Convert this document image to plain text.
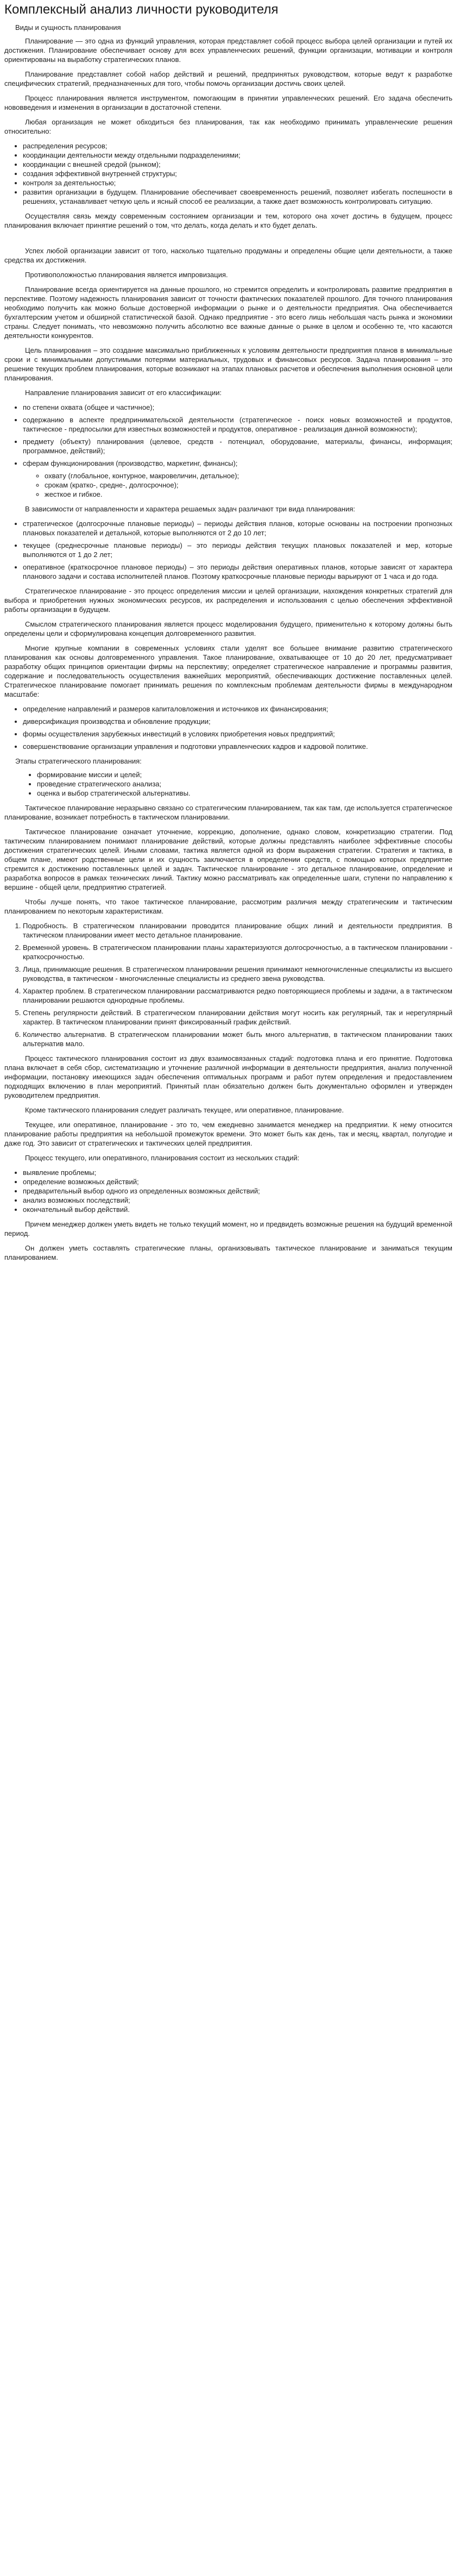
Комплексный анализ личности руководителя
Виды и сущность планирования

Планирование — это одна из функций управления, которая представляет собой процесс выбора целей организации и путей их достижения. Планирование обеспечивает основу для всех управленческих решений, функции организации, мотивации и контроля ориентированы на выработку стратегических планов.

Планирование представляет собой набор действий и решений, предпринятых руководством, которые ведут к разработке специфических стратегий, предназначенных для того, чтобы помочь организации достичь своих целей.

Процесс планирования является инструментом, помогающим в принятии управленческих решений. Его задача обеспечить нововведения и изменения в организации в достаточной степени.

Любая организация не может обходиться без планирования, так как необходимо принимать управленческие решения относительно:

• распределения ресурсов;
• координации деятельности между отдельными подразделениями;
• координации с внешней средой (рынком);
• создания эффективной внутренней структуры;
• контроля за деятельностью;
• развития организации в будущем. Планирование обеспечивает своевременность решений, позволяет избегать поспешности в решениях, устанавливает четкую цель и ясный способ ее реализации, а также дает возможность контролировать ситуацию.

Осуществляя связь между современным состоянием организации и тем, которого она хочет достичь в будущем, процесс планирования включает принятие решений о том, что делать, когда делать и кто будет делать.

Успех любой организации зависит от того, насколько тщательно продуманы и определены общие цели деятельности, а также средства их достижения.

Противоположностью планирования является импровизация.

Планирование всегда ориентируется на данные прошлого, но стремится определить и контролировать развитие предприятия в перспективе. Поэтому надежность планирования зависит от точности фактических показателей прошлого. Для точного планирования необходимо получить как можно больше достоверной информации о рынке и о деятельности предприятия. Она обеспечивается бухгалтерским учетом и обширной статистической базой. Однако предприятие - это всего лишь небольшая часть рынка и экономики страны. Следует понимать, что невозможно получить абсолютно все важные данные о рынке в целом и особенно те, что касаются деятельности конкурентов.

Цель планирования – это создание максимально приближенных к условиям деятельности предприятия планов в минимальные сроки и с минимальными допустимыми потерями материальных, трудовых и финансовых ресурсов. Задача планирования – это решение текущих проблем планирования, которые возникают на этапах плановых расчетов и обеспечения выполнения основной цели планирования.

Направление планирования зависит от его классификации:

• по степени охвата (общее и частичное);
• содержанию в аспекте предпринимательской деятельности (стратегическое - поиск новых возможностей и продуктов, тактическое - предпосылки для известных возможностей и продуктов, оперативное - реализация данной возможности);
• предмету (объекту) планирования (целевое, средств - потенциал, оборудование, материалы, финансы, информация; программное, действий);
• сферам функционирования (производство, маркетинг, финансы);
◦ охвату (глобальное, контурное, макровеличин, детальное);
◦ срокам (кратко-, средне-, долгосрочное);
◦ жесткое и гибкое.

В зависимости от направленности и характера решаемых задач различают три вида планирования:

• стратегическое (долгосрочные плановые периоды) – периоды действия планов, которые основаны на построении прогнозных плановых показателей и детальной, которые выполняются от 2 до 10 лет;
• текущее (среднесрочные плановые периоды) – это периоды действия текущих плановых показателей и мер, которые выполняются от 1 до 2 лет;
• оперативное (краткосрочное плановое периоды) – это периоды действия оперативных планов, которые зависят от характера планового задачи и состава исполнителей планов. Поэтому краткосрочные плановые периоды варьируют от 1 часа и до года.

Стратегическое планирование - это процесс определения миссии и целей организации, нахождения конкретных стратегий для выбора и приобретения нужных экономических ресурсов, их распределения и использования с целью обеспечения эффективной работы организации в будущем.

Смыслом стратегического планирования является процесс моделирования будущего, применительно к которому должны быть определены цели и сформулирована концепция долговременного развития.

Многие крупные компании в современных условиях стали уделят все большее внимание развитию стратегического планирования как основы долговременного управления. Такое планирование, охватывающее от 10 до 20 лет, предусматривает разработку общих принципов ориентации фирмы на перспективу; определяет стратегическое направление и программы развития, содержание и последовательность осуществления важнейших мероприятий, обеспечивающих достижение поставленных целей. Стратегическое планирование помогает принимать решения по комплексным проблемам деятельности фирмы в международном масштабе:

• определение направлений и размеров капиталовложения и источников их финансирования;
• диверсификация производства и обновление продукции;
• формы осуществления зарубежных инвестиций в условиях приобретения новых предприятий;
• совершенствование организации управления и подготовки управленческих кадров и кадровой политике.
Этапы стратегического планирования:
• формирование миссии и целей;
• проведение стратегического анализа;
• оценка и выбор стратегической альтернативы.

Тактическое планирование неразрывно связано со стратегическим планированием, так как там, где используется стратегическое планирование, возникает потребность в тактическом планировании.

Тактическое планирование означает уточнение, коррекцию, дополнение, однако словом, конкретизацию стратегии. Под тактическим планированием понимают планирование действий, которые должны представлять наиболее эффективные способы достижения стратегических целей. Иными словами, тактика является одной из форм выражения стратегии. Стратегия и тактика, в общем плане, имеют родственные цели и их сущность заключается в определении средств, с помощью которых предприятие стремится к достижению поставленных целей и задач. Тактическое планирование - это детальное планирование, определение и разработка вопросов в рамках технических линий. Тактику можно рассматривать как определенные шаги, ступени по направлению к вершине - общей цели, предприятию стратегией.

Чтобы лучше понять, что такое тактическое планирование, рассмотрим различия между стратегическим и тактическим планированием по некоторым характеристикам.

1. Подробность. В стратегическом планировании проводится планирование общих линий и деятельности предприятия. В тактическом планировании имеет место детальное планирование.
2. Временной уровень. В стратегическом планировании планы характеризуются долгосрочностью, а в тактическом планировании - краткосрочностью.
3. Лица, принимающие решения. В стратегическом планировании решения принимают немногочисленные специалисты из высшего руководства, в тактическом - многочисленные специалисты из среднего звена руководства.
4. Характер проблем. В стратегическом планировании рассматриваются редко повторяющиеся проблемы и задачи, а в тактическом планировании решаются однородные проблемы.
5. Степень регулярности действий. В стратегическом планировании действия могут носить как регулярный, так и нерегулярный характер. В тактическом планировании принят фиксированный график действий.
6. Количество альтернатив. В стратегическом планировании может быть много альтернатив, в тактическом планировании таких альтернатив мало.

Процесс тактического планирования состоит из двух взаимосвязанных стадий: подготовка плана и его принятие. Подготовка плана включает в себя сбор, систематизацию и уточнение различной информации в деятельности предприятия, анализ полученной информации, постановку имеющихся задач обеспечения оптимальных программ и работ путем определения и предоставлением подходящих включению в план мероприятий. Принятый план обязательно должен быть документально оформлен и утвержден руководителем предприятия.

Кроме тактического планирования следует различать текущее, или оперативное, планирование.

Текущее, или оперативное, планирование - это то, чем ежедневно занимается менеджер на предприятии. К нему относится планирование работы предприятия на небольшой промежуток времени. Это может быть как день, так и месяц, квартал, полугодие и даже год. Это зависит от стратегических и тактических целей предприятия.

Процесс текущего, или оперативного, планирования состоит из нескольких стадий:

• выявление проблемы;
• определение возможных действий;
• предварительный выбор одного из определенных возможных действий;
• анализ возможных последствий;
• окончательный выбор действий.

Причем менеджер должен уметь видеть не только текущий момент, но и предвидеть возможные решения на будущий временной период.

Он должен уметь составлять стратегические планы, организовывать тактическое планирование и заниматься текущим планированием.
